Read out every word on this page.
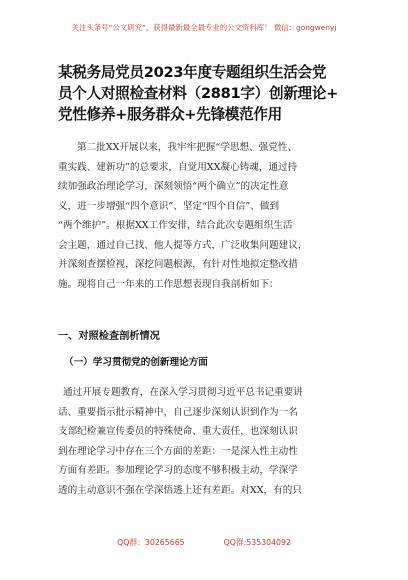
关注头条号“公文研究”，获得最新最全最专业的公文资料库！ 微信：gongwenyj
某税务局党员2023年度专题组织生活会党
员个人对照检查材料（2881字）创新理论+
党性修养+服务群众+先锋模范作用
第二批XX开展以来，我牢牢把握“学思想、强党性、
重实践、建新功”的总要求，自觉用XX凝心铸魂，通过持
续加强政治理论学习，深刻领悟“两个确立”的决定性意
义，进一步增强“四个意识”、坚定“四个自信”、做到
“两个维护”。根据XX工作安排，结合此次专题组织生活
会主题，通过自己找、他人提等方式，广泛收集问题建议，
并深刻查摆检视，深挖问题根源，有针对性地拟定整改措
施。现将自己一年来的工作思想表现自我剖析如下：
一、对照检查剖析情况
（一）学习贯彻党的创新理论方面
通过开展专题教育，在深入学习贯彻习近平总书记重要讲
话、重要指示批示精神中，自己逐步深刻认识到作为一名
支部纪检兼宣传委员的特殊使命、重大责任，也深刻认识
到在理论学习中存在三个方面的差距：一是深入性主动性
方面有差距。参加理论学习的态度不够积极主动，学深学
透的主动意识不强在学深悟透上还有差距。对XX，有的只
QQ群：30265665	QQ群:535304092
